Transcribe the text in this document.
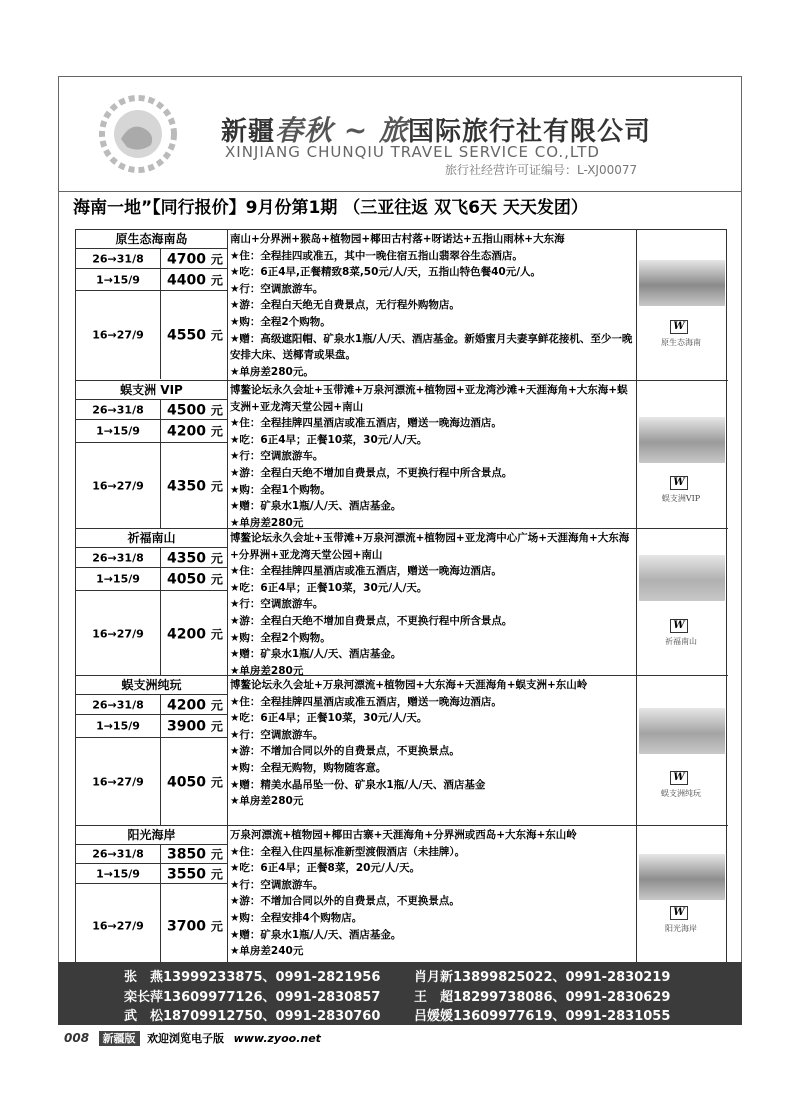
新疆春秋 ~ 旅国际旅行社有限公司
XINJIANG CHUNQIU TRAVEL SERVICE CO.,LTD
旅行社经营许可证编号：L-XJ00077
海南一地”【同行报价】9月份第1期 （三亚往返 双飞6天 天天发团）
原生态海南岛
26→31/8	4700 元
1→15/9	4400 元
16→27/9	4550 元
南山+分界洲+猴岛+植物园+椰田古村落+呀诺达+五指山雨林+大东海
★住：全程挂四或准五，其中一晚住宿五指山翡翠谷生态酒店。
★吃：6正4早,正餐精致8菜,50元/人/天，五指山特色餐40元/人。
★行：空调旅游车。
★游：全程白天绝无自费景点，无行程外购物店。
★购：全程2个购物。
★赠：高级遮阳帽、矿泉水1瓶/人/天、酒店基金。新婚蜜月夫妻享鲜花接机、至少一晚安排大床、送椰青或果盘。
★单房差280元。
W
原生态海南
蜈支洲 VIP
26→31/8	4500 元
1→15/9	4200 元
16→27/9	4350 元
博鳌论坛永久会址+玉带滩+万泉河漂流+植物园+亚龙湾沙滩+天涯海角+大东海+蜈支洲+亚龙湾天堂公园+南山
★住：全程挂牌四星酒店或准五酒店，赠送一晚海边酒店。
★吃：6正4早；正餐10菜，30元/人/天。
★行：空调旅游车。
★游：全程白天绝不增加自费景点，不更换行程中所含景点。
★购：全程1个购物。
★赠：矿泉水1瓶/人/天、酒店基金。
★单房差280元
W
蜈支洲VIP
祈福南山
26→31/8	4350 元
1→15/9	4050 元
16→27/9	4200 元
博鳌论坛永久会址+玉带滩+万泉河漂流+植物园+亚龙湾中心广场+天涯海角+大东海+分界洲+亚龙湾天堂公园+南山
★住：全程挂牌四星酒店或准五酒店，赠送一晚海边酒店。
★吃：6正4早；正餐10菜，30元/人/天。
★行：空调旅游车。
★游：全程白天绝不增加自费景点，不更换行程中所含景点。
★购：全程2个购物。
★赠：矿泉水1瓶/人/天、酒店基金。
★单房差280元
W
祈福南山
蜈支洲纯玩
26→31/8	4200 元
1→15/9	3900 元
16→27/9	4050 元
博鳌论坛永久会址+万泉河漂流+植物园+大东海+天涯海角+蜈支洲+东山岭
★住：全程挂牌四星酒店或准五酒店，赠送一晚海边酒店。
★吃：6正4早；正餐10菜，30元/人/天。
★行：空调旅游车。
★游：不增加合同以外的自费景点，不更换景点。
★购：全程无购物，购物随客意。
★赠：精美水晶吊坠一份、矿泉水1瓶/人/天、酒店基金
★单房差280元
W
蜈支洲纯玩
阳光海岸
26→31/8	3850 元
1→15/9	3550 元
16→27/9	3700 元
万泉河漂流+植物园+椰田古寨+天涯海角+分界洲或西岛+大东海+东山岭
★住：全程入住四星标准新型渡假酒店（未挂牌）。
★吃：6正4早；正餐8菜，20元/人/天。
★行：空调旅游车。
★游：不增加合同以外的自费景点，不更换景点。
★购：全程安排4个购物店。
★赠：矿泉水1瓶/人/天、酒店基金。
★单房差240元
W
阳光海岸
张　燕13999233875、0991-2821956	肖月新13899825022、0991-2830219
栾长萍13609977126、0991-2830857	王　超18299738086、0991-2830629
武　松18709912750、0991-2830760	吕媛媛13609977619、0991-2831055
008 新疆版 欢迎浏览电子版 www.zyoo.net
